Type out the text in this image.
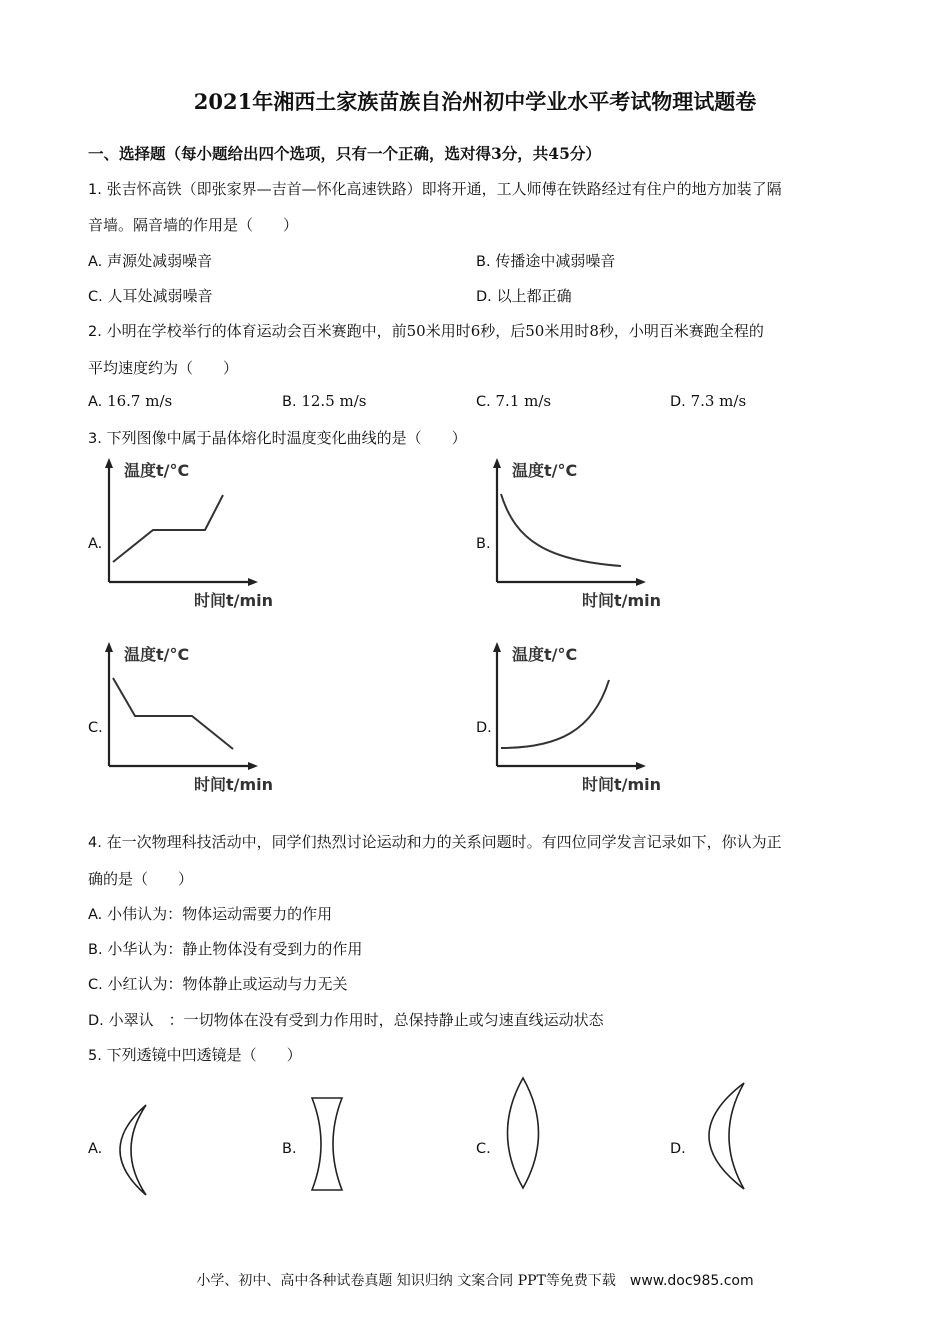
2021年湘西土家族苗族自治州初中学业水平考试物理试题卷
一、选择题（每小题给出四个选项，只有一个正确，选对得3分，共45分）
1. 张吉怀高铁（即张家界—吉首—怀化高速铁路）即将开通，工人师傅在铁路经过有住户的地方加装了隔
音墙。隔音墙的作用是（　　）
A. 声源处减弱噪音	B. 传播途中减弱噪音
C. 人耳处减弱噪音	D. 以上都正确
2. 小明在学校举行的体育运动会百米赛跑中，前50米用时6秒，后50米用时8秒，小明百米赛跑全程的
平均速度约为（　　）
A. 16.7 m/s	B. 12.5 m/s	C. 7.1 m/s	D. 7.3 m/s
3. 下列图像中属于晶体熔化时温度变化曲线的是（　　）
A.	B.
C.	D.
温度t/°C
时间t/min
温度t/°C
时间t/min
温度t/°C
时间t/min
温度t/°C
时间t/min
4. 在一次物理科技活动中，同学们热烈讨论运动和力的关系问题时。有四位同学发言记录如下，你认为正
确的是（　　）
A. 小伟认为：物体运动需要力的作用
B. 小华认为：静止物体没有受到力的作用
C. 小红认为：物体静止或运动与力无关
D. 小翠认　：一切物体在没有受到力作用时，总保持静止或匀速直线运动状态
5. 下列透镜中凹透镜是（　　）
A.	B.	C.	D.
小学、初中、高中各种试卷真题 知识归纳 文案合同 PPT等免费下载 www.doc985.com
